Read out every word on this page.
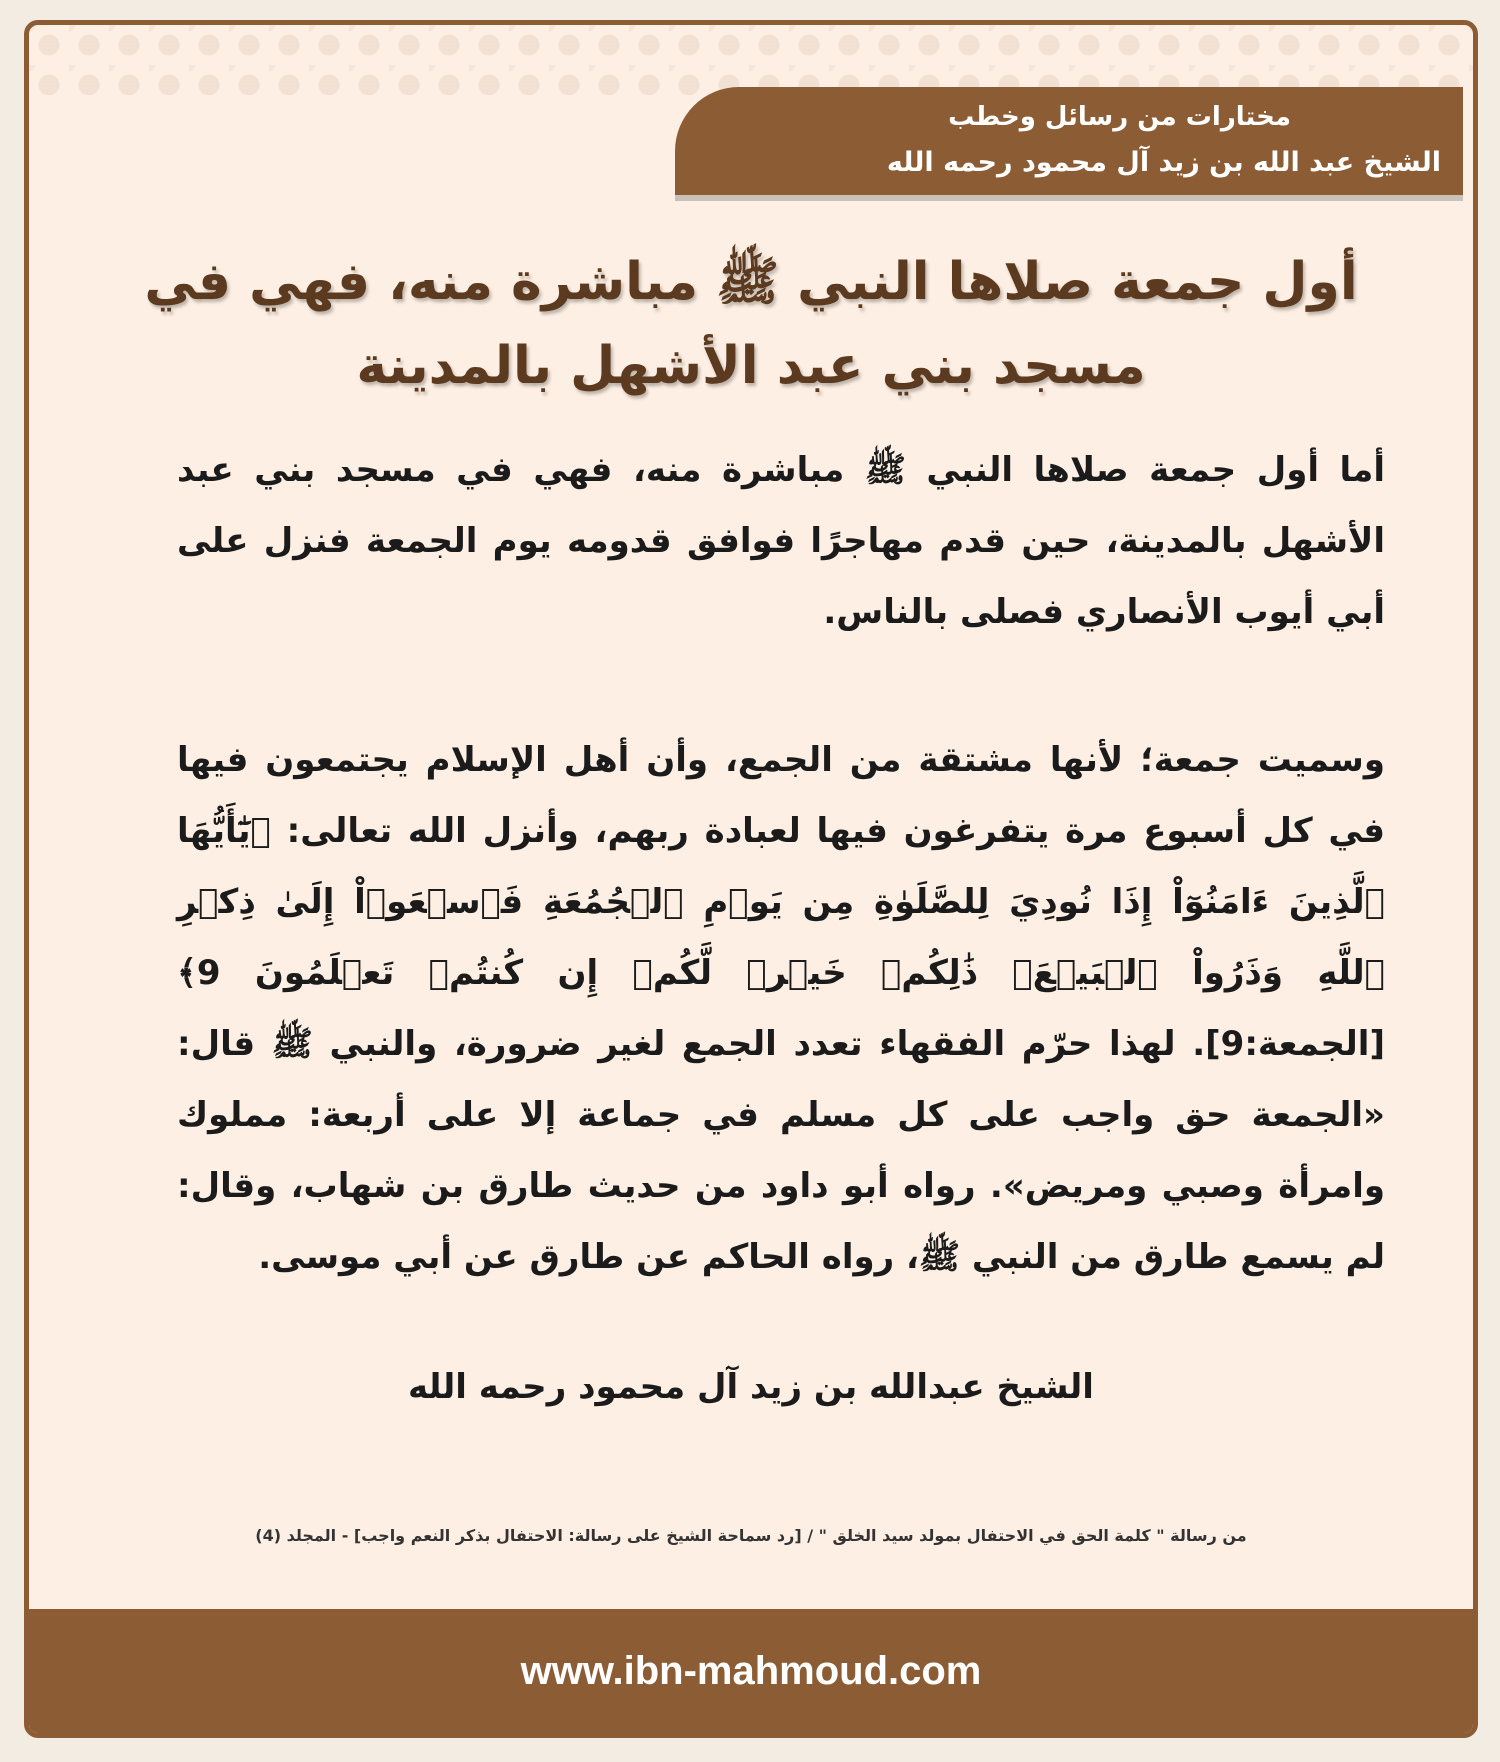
مختارات من رسائل وخطب
الشيخ عبد الله بن زيد آل محمود رحمه الله
أول جمعة صلاها النبي ﷺ مباشرة منه، فهي في مسجد بني عبد الأشهل بالمدينة
أما أول جمعة صلاها النبي ﷺ مباشرة منه، فهي في مسجد بني عبد الأشهل بالمدينة، حين قدم مهاجرًا فوافق قدومه يوم الجمعة فنزل على أبي أيوب الأنصاري فصلى بالناس.
وسميت جمعة؛ لأنها مشتقة من الجمع، وأن أهل الإسلام يجتمعون فيها في كل أسبوع مرة يتفرغون فيها لعبادة ربهم، وأنزل الله تعالى: ﴿يَٰٓأَيُّهَا ٱلَّذِينَ ءَامَنُوٓاْ إِذَا نُودِيَ لِلصَّلَوٰةِ مِن يَوۡمِ ٱلۡجُمُعَةِ فَٱسۡعَوۡاْ إِلَىٰ ذِكۡرِ ٱللَّهِ وَذَرُواْ ٱلۡبَيۡعَۚ ذَٰلِكُمۡ خَيۡرٞ لَّكُمۡ إِن كُنتُمۡ تَعۡلَمُونَ 9﴾ [الجمعة:9]. لهذا حرّم الفقهاء تعدد الجمع لغير ضرورة، والنبي ﷺ قال: «الجمعة حق واجب على كل مسلم في جماعة إلا على أربعة: مملوك وامرأة وصبي ومريض». رواه أبو داود من حديث طارق بن شهاب، وقال: لم يسمع طارق من النبي ﷺ، رواه الحاكم عن طارق عن أبي موسى.
الشيخ عبدالله بن زيد آل محمود رحمه الله
من رسالة " كلمة الحق في الاحتفال بمولد سيد الخلق " / [رد سماحة الشيخ على رسالة: الاحتفال بذكر النعم واجب] - المجلد (4)
www.ibn-mahmoud.com
